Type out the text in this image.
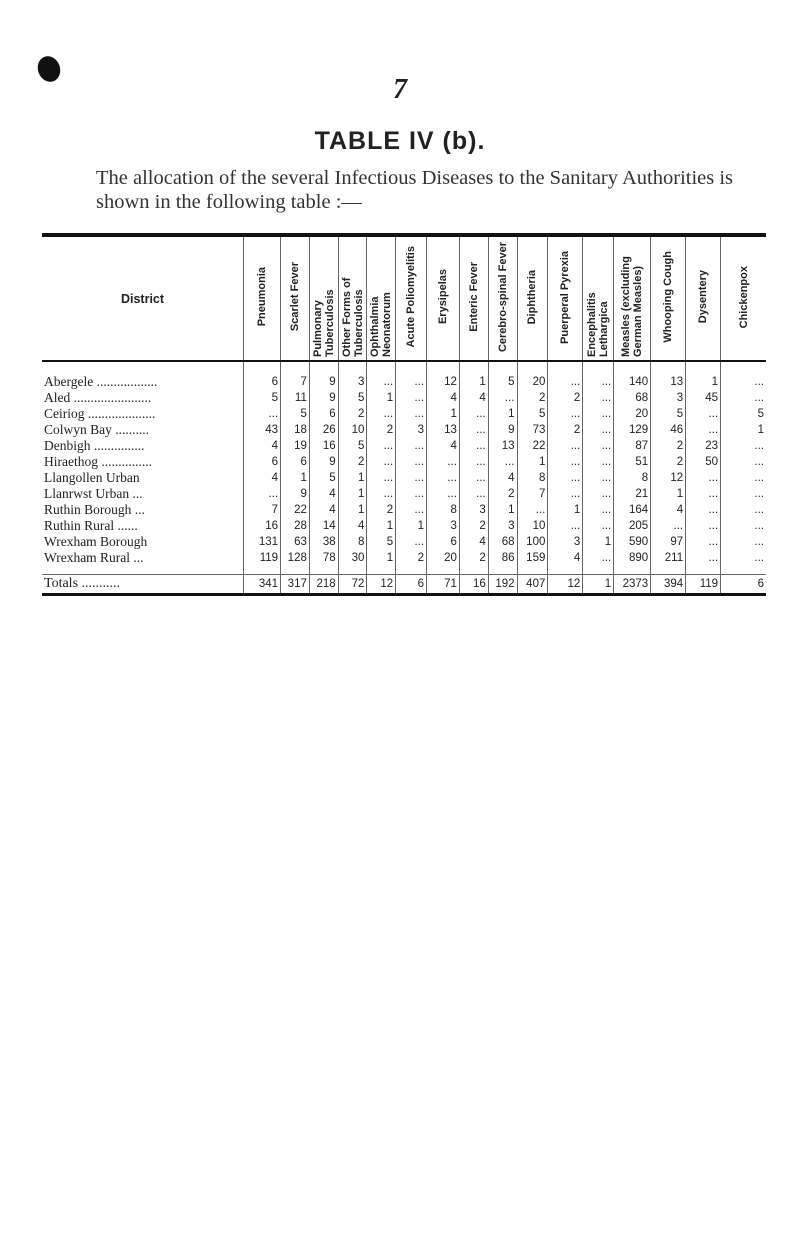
7
TABLE IV (b).
The allocation of the several Infectious Diseases to the Sanitary Authorities is shown in the following table :—
District	Pneumonia	Scarlet Fever	Pulmonary Tuberculosis	Other Forms of Tuberculosis	Ophthalmia Neonatorum	Acute Poliomyelitis	Erysipelas	Enteric Fever	Cerebro-spinal Fever	Diphtheria	Puerperal Pyrexia	Encephalitis Lethargica	Measles (excluding German Measles)	Whooping Cough	Dysentery	Chickenpox
Abergele ..................	6	7	9	3	...	...	12	1	5	20	...	...	140	13	1	...
Aled .......................	5	11	9	5	1	...	4	4	...	2	2	...	68	3	45	...
Ceiriog ....................	...	5	6	2	...	...	1	...	1	5	...	...	20	5	...	5
Colwyn Bay ..........	43	18	26	10	2	3	13	...	9	73	2	...	129	46	...	1
Denbigh ...............	4	19	16	5	...	...	4	...	13	22	...	...	87	2	23	...
Hiraethog ...............	6	6	9	2	...	...	...	...	...	1	...	...	51	2	50	...
Llangollen Urban	4	1	5	1	...	...	...	...	4	8	...	...	8	12	...	...
Llanrwst Urban ...	...	9	4	1	...	...	...	...	2	7	...	...	21	1	...	...
Ruthin Borough ...	7	22	4	1	2	...	8	3	1	...	1	...	164	4	...	...
Ruthin Rural ......	16	28	14	4	1	1	3	2	3	10	...	...	205	...	...	...
Wrexham Borough	131	63	38	8	5	...	6	4	68	100	3	1	590	97	...	...
Wrexham Rural ...	119	128	78	30	1	2	20	2	86	159	4	...	890	211	...	...

Totals ...........	341	317	218	72	12	6	71	16	192	407	12	1	2373	394	119	6
